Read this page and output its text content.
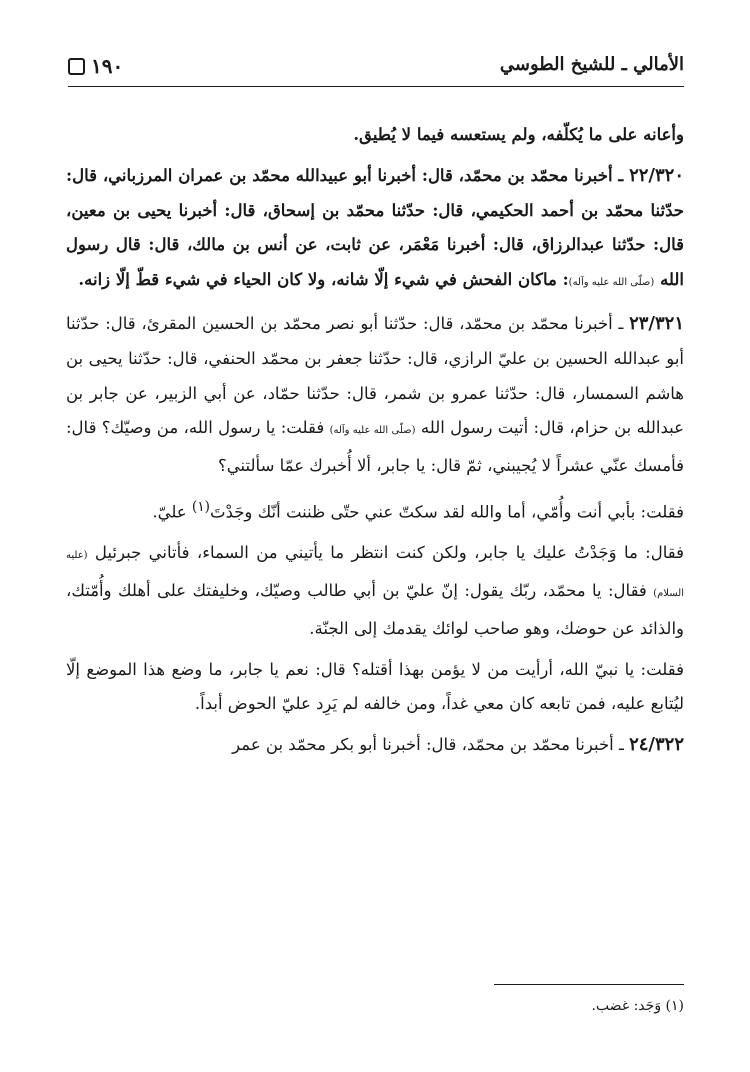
١٩٠	الأمالي ـ للشيخ الطوسي

وأعانه على ما يُكلّفه، ولم يستعسه فيما لا يُطيق.

٢٢/٣٢٠ ـ أخبرنا محمّد بن محمّد، قال: أخبرنا أبو عبيدالله محمّد بن عمران المرزباني، قال: حدّثنا محمّد بن أحمد الحكيمي، قال: حدّثنا محمّد بن إسحاق، قال: أخبرنا يحيى بن معين، قال: حدّثنا عبدالرزاق، قال: أخبرنا مَعْمَر، عن ثابت، عن أنس بن مالك، قال: قال رسول الله (صلّى الله عليه وآله): ماكان الفحش في شيء إلّا شانه، ولا كان الحياء في شيء قطّ إلّا زانه.

٢٣/٣٢١ ـ أخبرنا محمّد بن محمّد، قال: حدّثنا أبو نصر محمّد بن الحسين المقرئ، قال: حدّثنا أبو عبدالله الحسين بن عليّ الرازي، قال: حدّثنا جعفر بن محمّد الحنفي، قال: حدّثنا يحيى بن هاشم السمسار، قال: حدّثنا عمرو بن شمر، قال: حدّثنا حمّاد، عن أبي الزبير، عن جابر بن عبدالله بن حزام، قال: أتيت رسول الله (صلّى الله عليه وآله) فقلت: يا رسول الله، من وصيّك؟ قال: فأمسك عنّي عشراً لا يُجيبني، ثمّ قال: يا جابر، ألا أُخبرك عمّا سألتني؟

فقلت: بأبي أنت وأُمّي، أما والله لقد سكتّ عني حتّى ظننت أنّك وجَدْتَ$^{(١)}$ عليّ.

فقال: ما وَجَدْتُ عليك يا جابر، ولكن كنت انتظر ما يأتيني من السماء، فأتاني جبرئيل (عليه السلام) فقال: يا محمّد، ربّك يقول: إنّ عليّ بن أبي طالب وصيّك، وخليفتك على أهلك وأُمّتك، والذائد عن حوضك، وهو صاحب لوائك يقدمك إلى الجنّة.

فقلت: يا نبيّ الله، أرأيت من لا يؤمن بهذا أقتله؟ قال: نعم يا جابر، ما وضع هذا الموضع إلّا ليُتابع عليه، فمن تابعه كان معي غداً، ومن خالفه لم يَرِد عليّ الحوض أبداً.

٢٤/٣٢٢ ـ أخبرنا محمّد بن محمّد، قال: أخبرنا أبو بكر محمّد بن عمر

(١) وَجَد: غضب.
